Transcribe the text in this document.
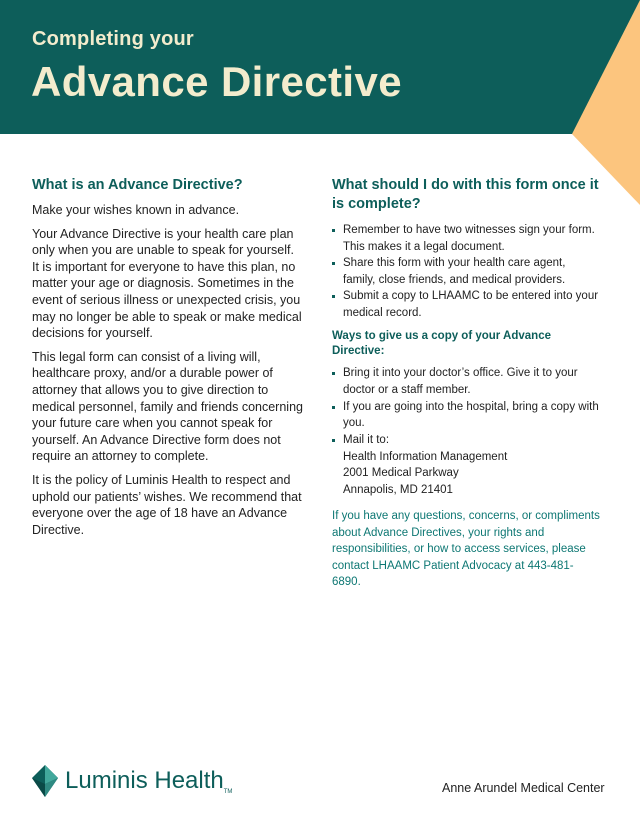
Completing your
Advance Directive
What is an Advance Directive?

Make your wishes known in advance.

Your Advance Directive is your health care plan only when you are unable to speak for yourself. It is important for everyone to have this plan, no matter your age or diagnosis. Sometimes in the event of serious illness or unexpected crisis, you may no longer be able to speak or make medical decisions for yourself.

This legal form can consist of a living will, healthcare proxy, and/or a durable power of attorney that allows you to give direction to medical personnel, family and friends concerning your future care when you cannot speak for yourself. An Advance Directive form does not require an attorney to complete.

It is the policy of Luminis Health to respect and uphold our patients’ wishes. We recommend that everyone over the age of 18 have an Advance Directive.

What should I do with this form once it is complete?
Remember to have two witnesses sign your form. This makes it a legal document.
Share this form with your health care agent, family, close friends, and medical providers.
Submit a copy to LHAAMC to be entered into your medical record.
Ways to give us a copy of your Advance Directive:
Bring it into your doctor’s office. Give it to your doctor or a staff member.
If you are going into the hospital, bring a copy with you.
Mail it to:
Health Information Management
2001 Medical Parkway
Annapolis, MD 21401

If you have any questions, concerns, or compliments about Advance Directives, your rights and responsibilities, or how to access services, please contact LHAAMC Patient Advocacy at 443-481-6890.

Luminis HealthTM	Anne Arundel Medical Center
